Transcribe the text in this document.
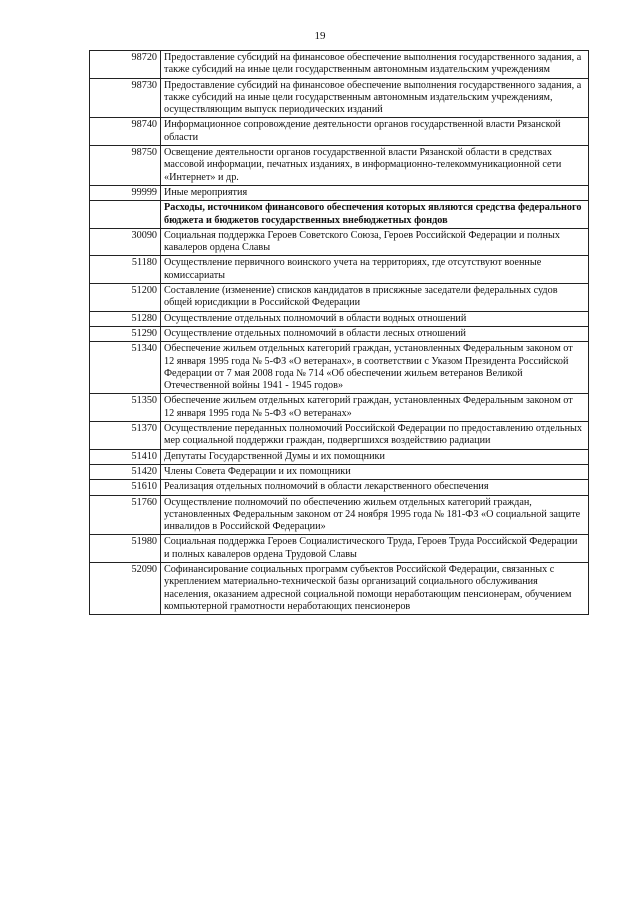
19
98720	Предоставление субсидий на финансовое обеспечение выполнения государственного задания, а также субсидий на иные цели государственным автономным издательским учреждениям
98730	Предоставление субсидий на финансовое обеспечение выполнения государственного задания, а также субсидий на иные цели государственным автономным издательским учреждениям, осуществляющим выпуск периодических изданий
98740	Информационное сопровождение деятельности органов государственной власти Рязанской области
98750	Освещение деятельности органов государственной власти Рязанской области в средствах массовой информации, печатных изданиях, в информационно-телекоммуникационной сети «Интернет» и др.
99999	Иные мероприятия
	Расходы, источником финансового обеспечения которых являются средства федерального бюджета и бюджетов государственных внебюджетных фондов
30090	Социальная поддержка Героев Советского Союза, Героев Российской Федерации и полных кавалеров ордена Славы
51180	Осуществление первичного воинского учета на территориях, где отсутствуют военные комиссариаты
51200	Составление (изменение) списков кандидатов в присяжные заседатели федеральных судов общей юрисдикции в Российской Федерации
51280	Осуществление отдельных полномочий в области водных отношений
51290	Осуществление отдельных полномочий в области лесных отношений
51340	Обеспечение жильем отдельных категорий граждан, установленных Федеральным законом от 12 января 1995 года № 5-ФЗ «О ветеранах», в соответствии с Указом Президента Российской Федерации от 7 мая 2008 года № 714 «Об обеспечении жильем ветеранов Великой Отечественной войны 1941 - 1945 годов»
51350	Обеспечение жильем отдельных категорий граждан, установленных Федеральным законом от 12 января 1995 года № 5-ФЗ «О ветеранах»
51370	Осуществление переданных полномочий Российской Федерации по предоставлению отдельных мер социальной поддержки граждан, подвергшихся воздействию радиации
51410	Депутаты Государственной Думы и их помощники
51420	Члены Совета Федерации и их помощники
51610	Реализация отдельных полномочий в области лекарственного обеспечения
51760	Осуществление полномочий по обеспечению жильем отдельных категорий граждан, установленных Федеральным законом от 24 ноября 1995 года № 181-ФЗ «О социальной защите инвалидов в Российской Федерации»
51980	Социальная поддержка Героев Социалистического Труда, Героев Труда Российской Федерации и полных кавалеров ордена Трудовой Славы
52090	Софинансирование социальных программ субъектов Российской Федерации, связанных с укреплением материально-технической базы организаций социального обслуживания населения, оказанием адресной социальной помощи неработающим пенсионерам, обучением компьютерной грамотности неработающих пенсионеров
